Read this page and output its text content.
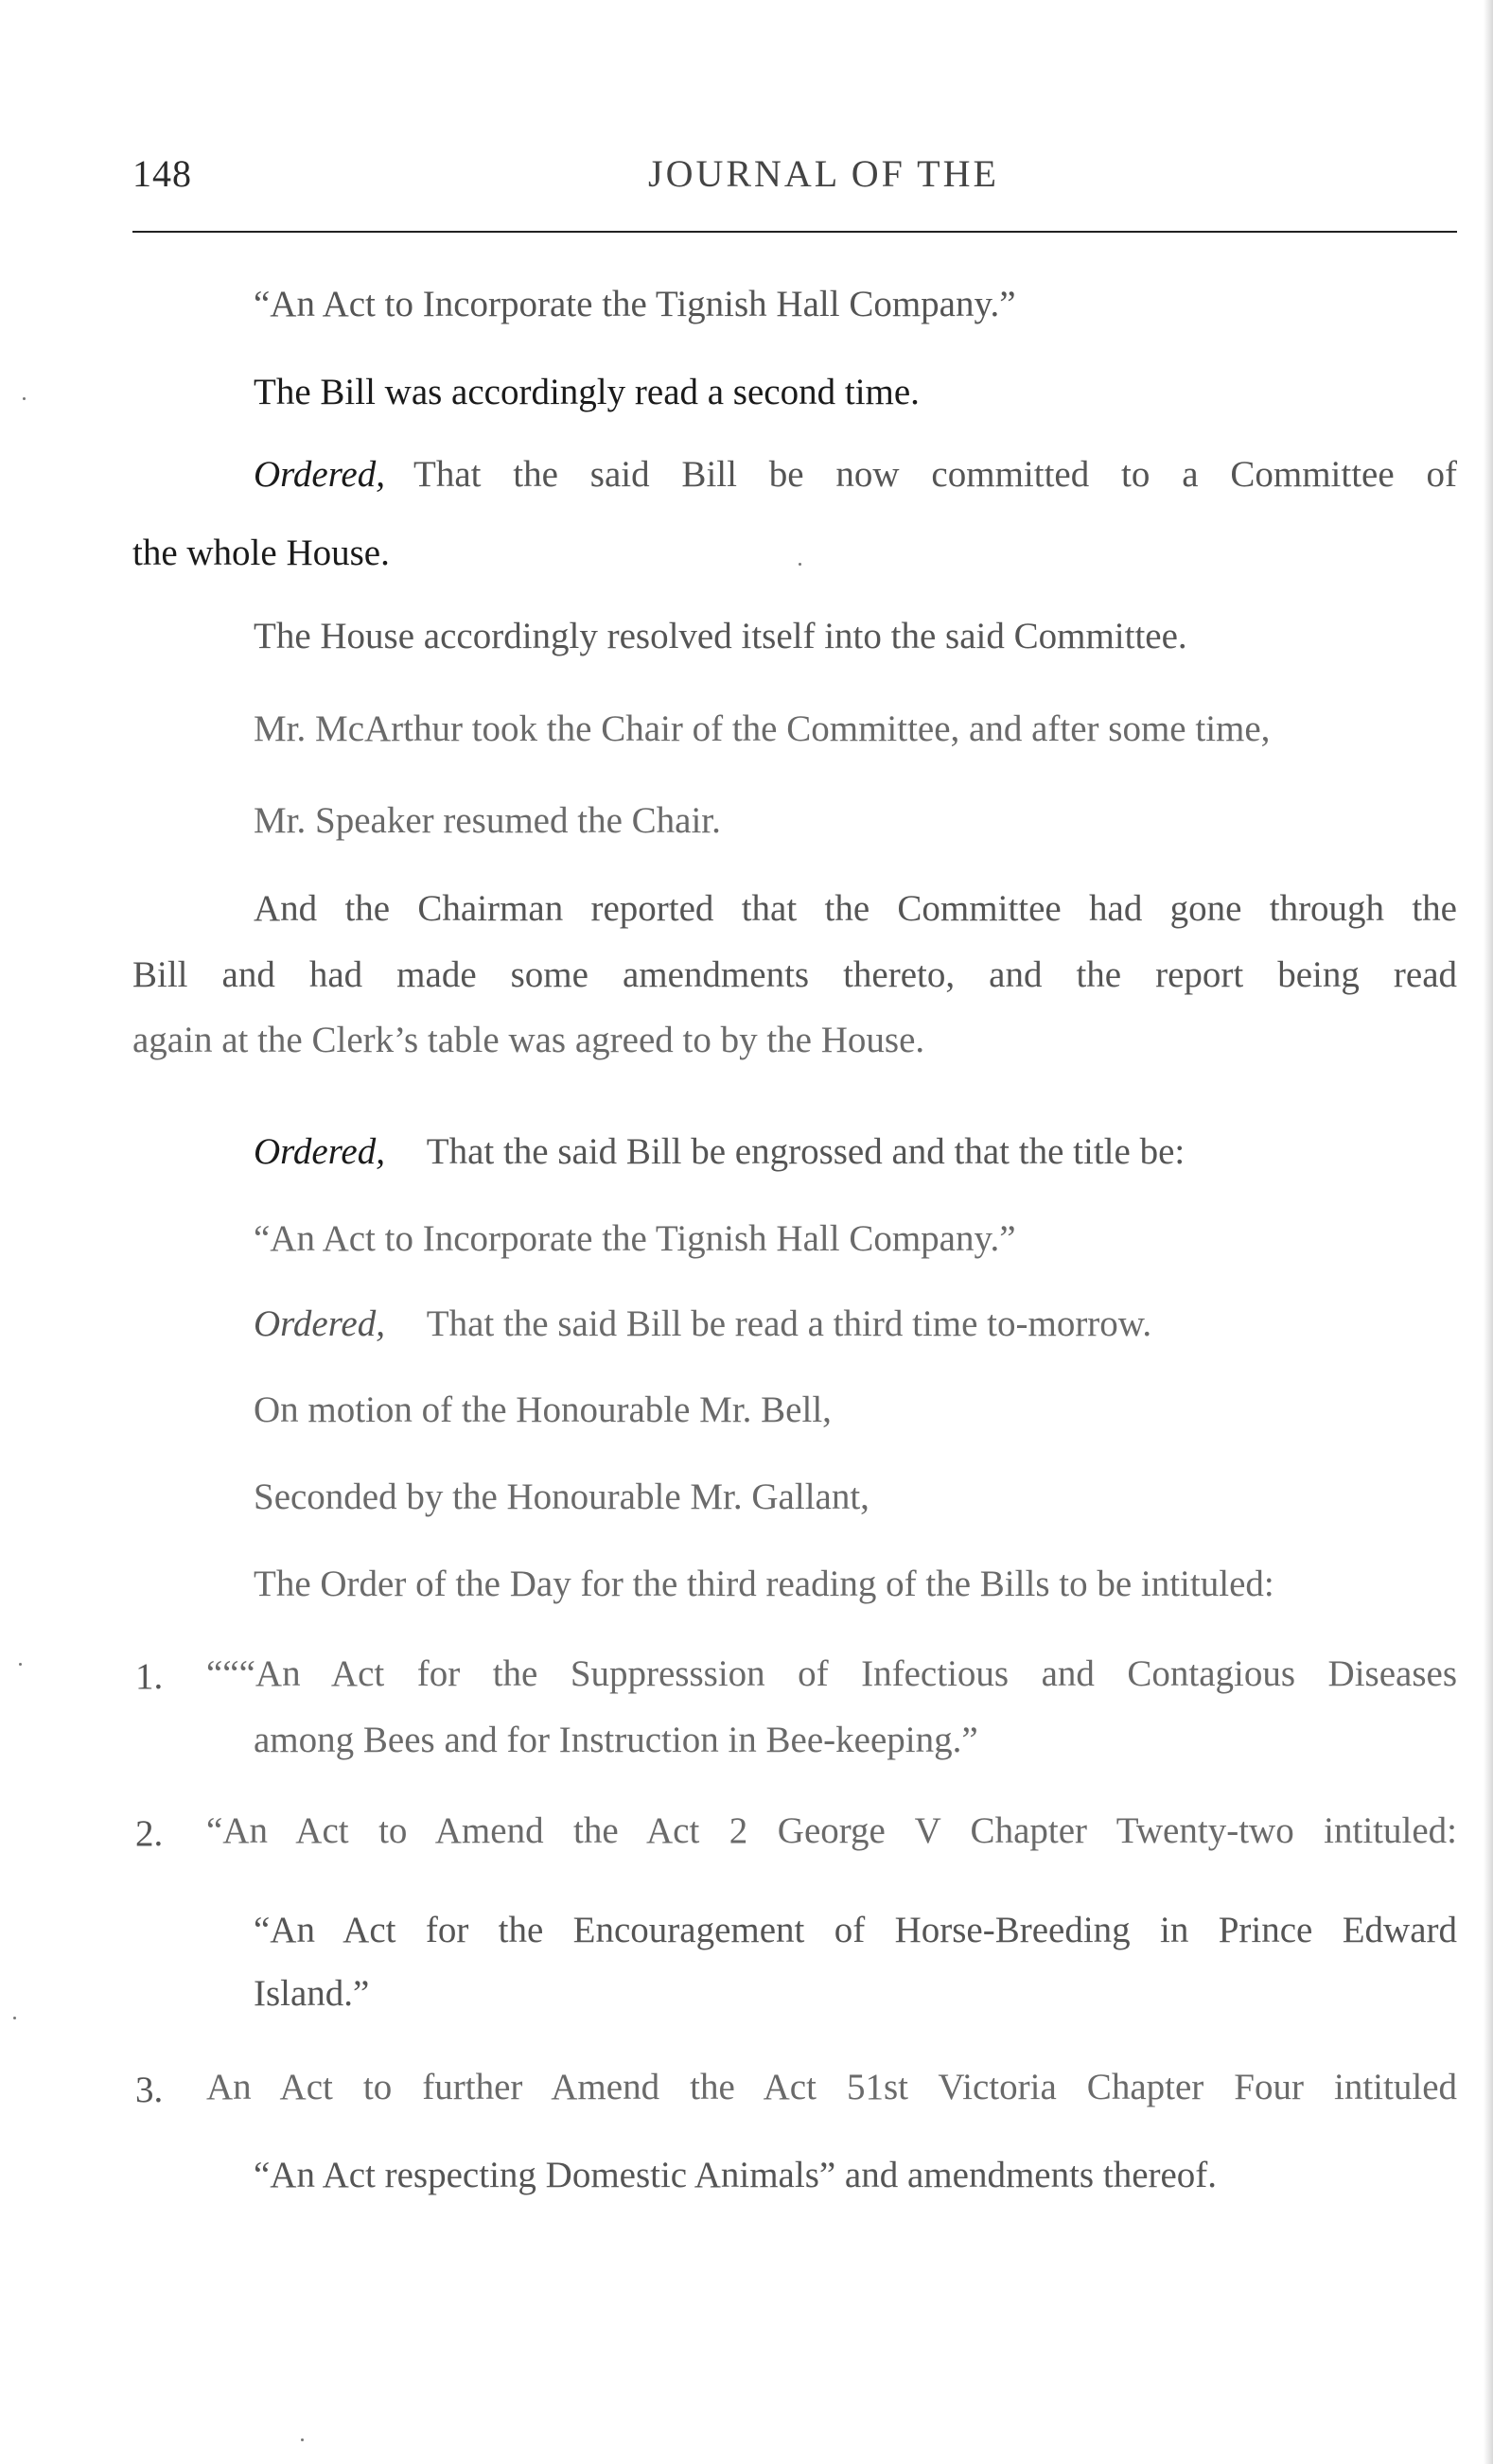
148	JOURNAL OF THE
“An Act to Incorporate the Tignish Hall Company.”
The Bill was accordingly read a second time.
Ordered, That the said Bill be now committed to a Committee of
the whole House.
The House accordingly resolved itself into the said Committee.
Mr. McArthur took the Chair of the Committee, and after some time,
Mr. Speaker resumed the Chair.
And the Chairman reported that the Committee had gone through the
Bill and had made some amendments thereto, and the report being read
again at the Clerk’s table was agreed to by the House.
Ordered, That the said Bill be engrossed and that the title be:
“An Act to Incorporate the Tignish Hall Company.”
Ordered, That the said Bill be read a third time to-morrow.
On motion of the Honourable Mr. Bell,
Seconded by the Honourable Mr. Gallant,
The Order of the Day for the third reading of the Bills to be intituled:
1. “““An Act for the Suppresssion of Infectious and Contagious Diseases
among Bees and for Instruction in Bee-keeping.”
2. “An Act to Amend the Act 2 George V Chapter Twenty-two intituled:
“An Act for the Encouragement of Horse-Breeding in Prince Edward
Island.”
3. An Act to further Amend the Act 51st Victoria Chapter Four intituled
“An Act respecting Domestic Animals” and amendments thereof.
